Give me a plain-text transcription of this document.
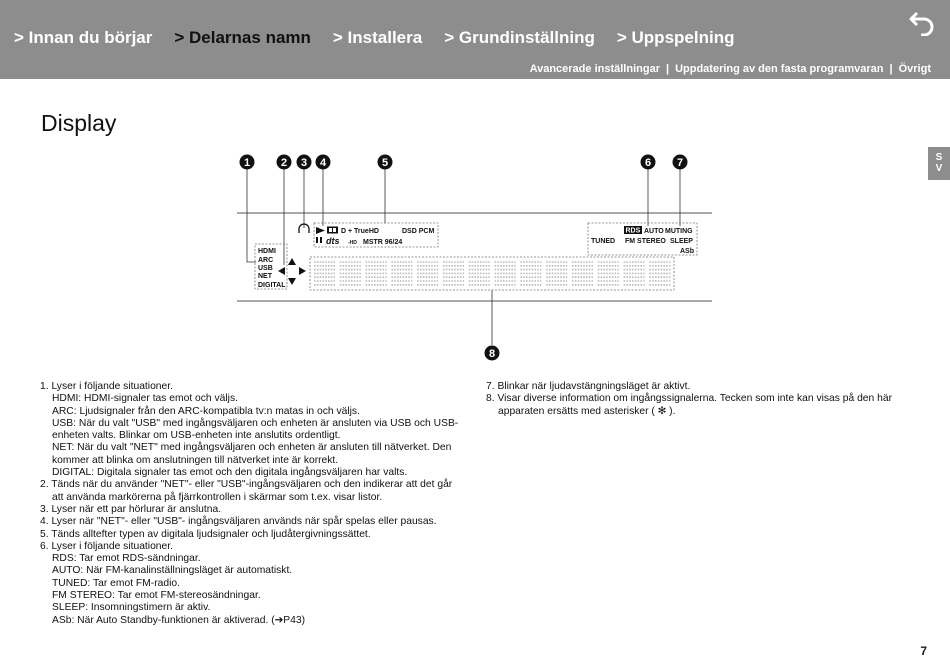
> Innan du börjar > Delarnas namn > Installera > Grundinställning > Uppspelning
Avancerade inställningar | Uppdatering av den fasta programvaran | Övrigt
S
V
Display
1	2 3 4	5	6 7
8
HDMI
ARC
USB
NET
DIGITAL
D + TrueHD	DSD PCM
dts -HD MSTR 96/24
RDS AUTO MUTING
TUNED FM STEREO SLEEP
ASb

1. Lyser i följande situationer.

HDMI: HDMI-signaler tas emot och väljs.

ARC: Ljudsignaler från den ARC-kompatibla tv:n matas in och väljs.

USB: När du valt "USB" med ingångsväljaren och enheten är ansluten via USB och USB-

enheten valts. Blinkar om USB-enheten inte anslutits ordentligt.

NET: När du valt "NET" med ingångsväljaren och enheten är ansluten till nätverket. Den

kommer att blinka om anslutningen till nätverket inte är korrekt.

DIGITAL: Digitala signaler tas emot och den digitala ingångsväljaren har valts.

2. Tänds när du använder "NET"- eller "USB"-ingångsväljaren och den indikerar att det går

att använda markörerna på fjärrkontrollen i skärmar som t.ex. visar listor.

3. Lyser när ett par hörlurar är anslutna.

4. Lyser när "NET"- eller "USB"- ingångsväljaren används när spår spelas eller pausas.

5. Tänds alltefter typen av digitala ljudsignaler och ljudåtergivningssättet.

6. Lyser i följande situationer.

RDS: Tar emot RDS-sändningar.

AUTO: När FM-kanalinställningsläget är automatiskt.

TUNED: Tar emot FM-radio.

FM STEREO: Tar emot FM-stereosändningar.

SLEEP: Insomningstimern är aktiv.

ASb: När Auto Standby-funktionen är aktiverad. (➔P43)

7. Blinkar när ljudavstängningsläget är aktivt.

8. Visar diverse information om ingångssignalerna. Tecken som inte kan visas på den här

apparaten ersätts med asterisker ( ✻ ).

7
